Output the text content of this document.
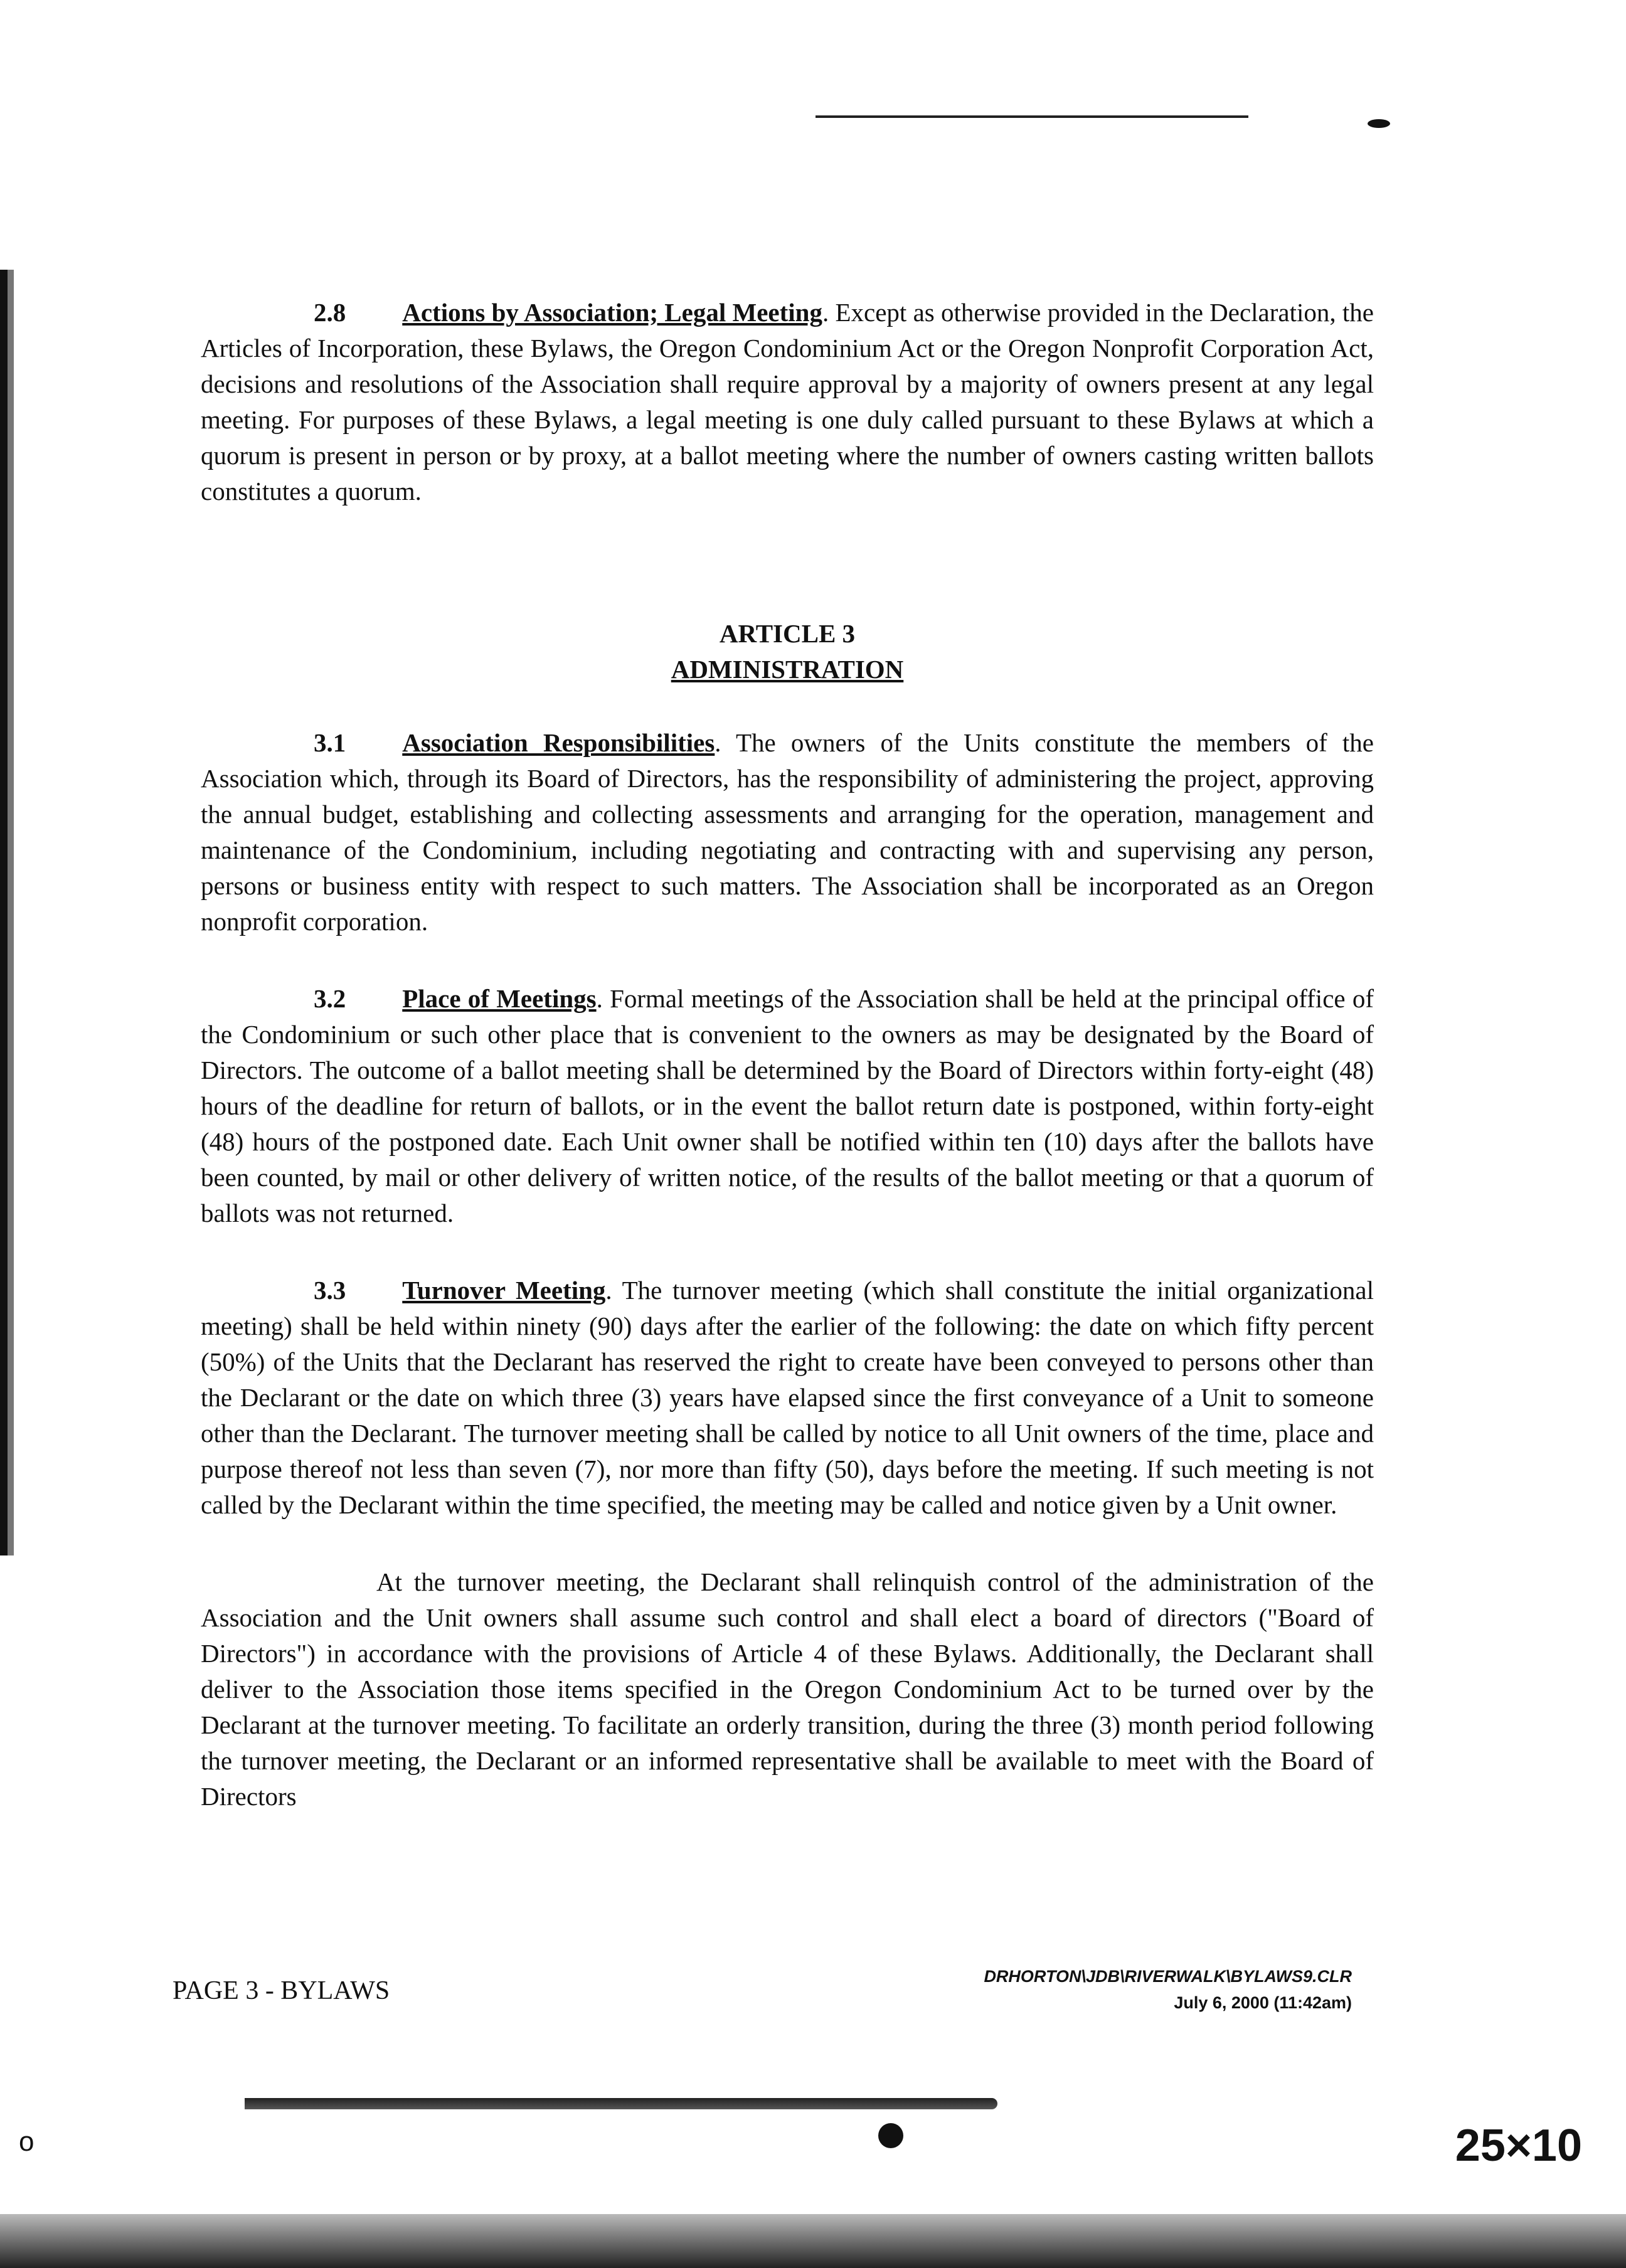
2.8 Actions by Association; Legal Meeting. Except as otherwise provided in the Declaration, the Articles of Incorporation, these Bylaws, the Oregon Condominium Act or the Oregon Nonprofit Corporation Act, decisions and resolutions of the Association shall require approval by a majority of owners present at any legal meeting. For purposes of these Bylaws, a legal meeting is one duly called pursuant to these Bylaws at which a quorum is present in person or by proxy, at a ballot meeting where the number of owners casting written ballots constitutes a quorum.

ARTICLE 3
ADMINISTRATION

3.1 Association Responsibilities. The owners of the Units constitute the members of the Association which, through its Board of Directors, has the responsibility of administering the project, approving the annual budget, establishing and collecting assessments and arranging for the operation, management and maintenance of the Condominium, including negotiating and contracting with and supervising any person, persons or business entity with respect to such matters. The Association shall be incorporated as an Oregon nonprofit corporation.

3.2 Place of Meetings. Formal meetings of the Association shall be held at the principal office of the Condominium or such other place that is convenient to the owners as may be designated by the Board of Directors. The outcome of a ballot meeting shall be determined by the Board of Directors within forty-eight (48) hours of the deadline for return of ballots, or in the event the ballot return date is postponed, within forty-eight (48) hours of the postponed date. Each Unit owner shall be notified within ten (10) days after the ballots have been counted, by mail or other delivery of written notice, of the results of the ballot meeting or that a quorum of ballots was not returned.

3.3 Turnover Meeting. The turnover meeting (which shall constitute the initial organizational meeting) shall be held within ninety (90) days after the earlier of the following: the date on which fifty percent (50%) of the Units that the Declarant has reserved the right to create have been conveyed to persons other than the Declarant or the date on which three (3) years have elapsed since the first conveyance of a Unit to someone other than the Declarant. The turnover meeting shall be called by notice to all Unit owners of the time, place and purpose thereof not less than seven (7), nor more than fifty (50), days before the meeting. If such meeting is not called by the Declarant within the time specified, the meeting may be called and notice given by a Unit owner.

At the turnover meeting, the Declarant shall relinquish control of the administration of the Association and the Unit owners shall assume such control and shall elect a board of directors ("Board of Directors") in accordance with the provisions of Article 4 of these Bylaws. Additionally, the Declarant shall deliver to the Association those items specified in the Oregon Condominium Act to be turned over by the Declarant at the turnover meeting. To facilitate an orderly transition, during the three (3) month period following the turnover meeting, the Declarant or an informed representative shall be available to meet with the Board of Directors

PAGE 3 - BYLAWS	DRHORTON\JDB\RIVERWALK\BYLAWS9.CLR
July 6, 2000 (11:42am)
o	25×10
